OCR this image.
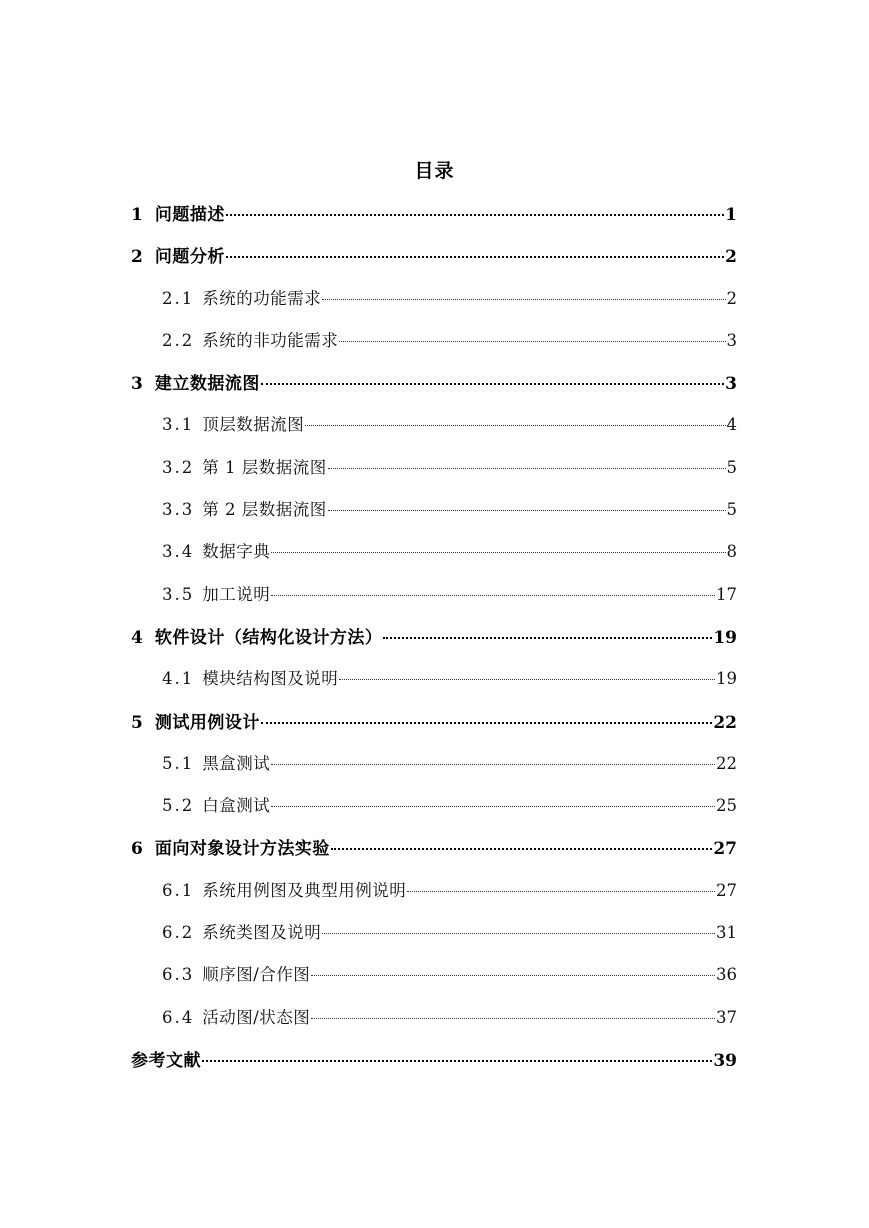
目录
1 问题描述	1
2 问题分析	2
2.1 系统的功能需求	2
2.2 系统的非功能需求	3
3 建立数据流图	3
3.1 顶层数据流图	4
3.2 第 1 层数据流图	5
3.3 第 2 层数据流图	5
3.4 数据字典	8
3.5 加工说明	17
4 软件设计（结构化设计方法）	19
4.1 模块结构图及说明	19
5 测试用例设计	22
5.1 黑盒测试	22
5.2 白盒测试	25
6 面向对象设计方法实验	27
6.1 系统用例图及典型用例说明	27
6.2 系统类图及说明	31
6.3 顺序图/合作图	36
6.4 活动图/状态图	37
参考文献	39
